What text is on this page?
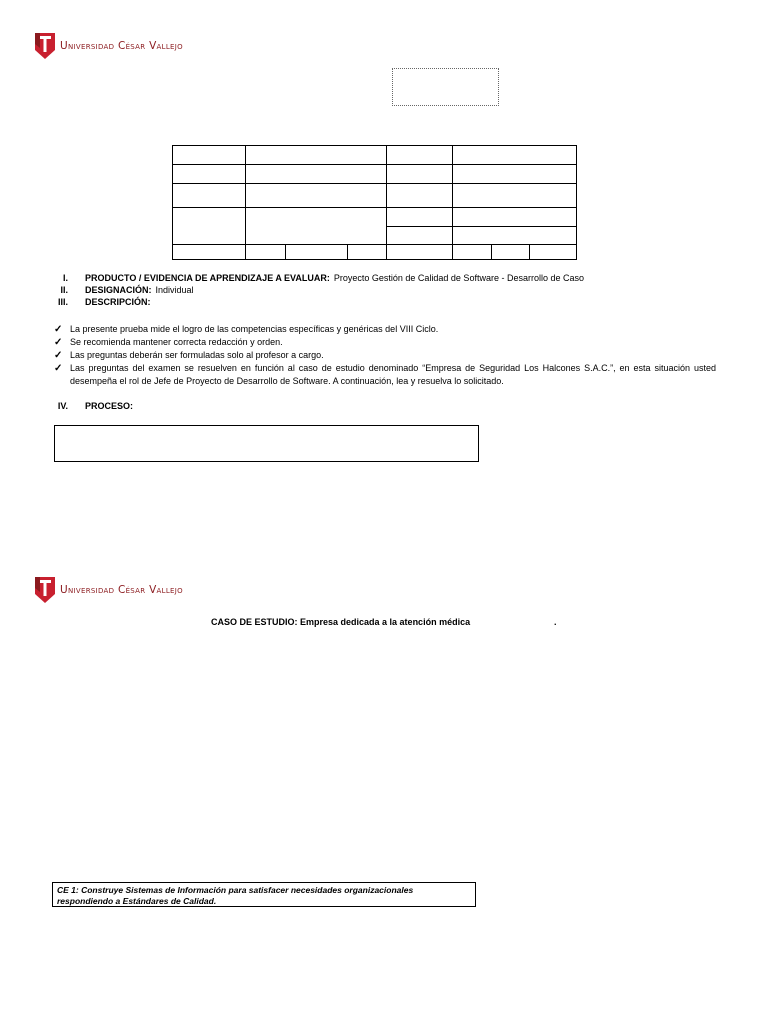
Universidad César Vallejo

I.	PRODUCTO / EVIDENCIA DE APRENDIZAJE A EVALUAR: Proyecto Gestión de Calidad de Software - Desarrollo de Caso
II.	DESIGNACIÓN: Individual
III.	DESCRIPCIÓN:
✓ La presente prueba mide el logro de las competencias específicas y genéricas del VIII Ciclo.
✓ Se recomienda mantener correcta redacción y orden.
✓ Las preguntas deberán ser formuladas solo al profesor a cargo.
✓ Las preguntas del examen se resuelven en función al caso de estudio denominado “Empresa de Seguridad Los Halcones S.A.C.”, en esta situación usted desempeña el rol de Jefe de Proyecto de Desarrollo de Software. A continuación, lea y resuelva lo solicitado.
IV.	PROCESO:
Universidad César Vallejo
CASO DE ESTUDIO: Empresa dedicada a la atención médica	.
CE 1: Construye Sistemas de Información para satisfacer necesidades organizacionales respondiendo a Estándares de Calidad.
